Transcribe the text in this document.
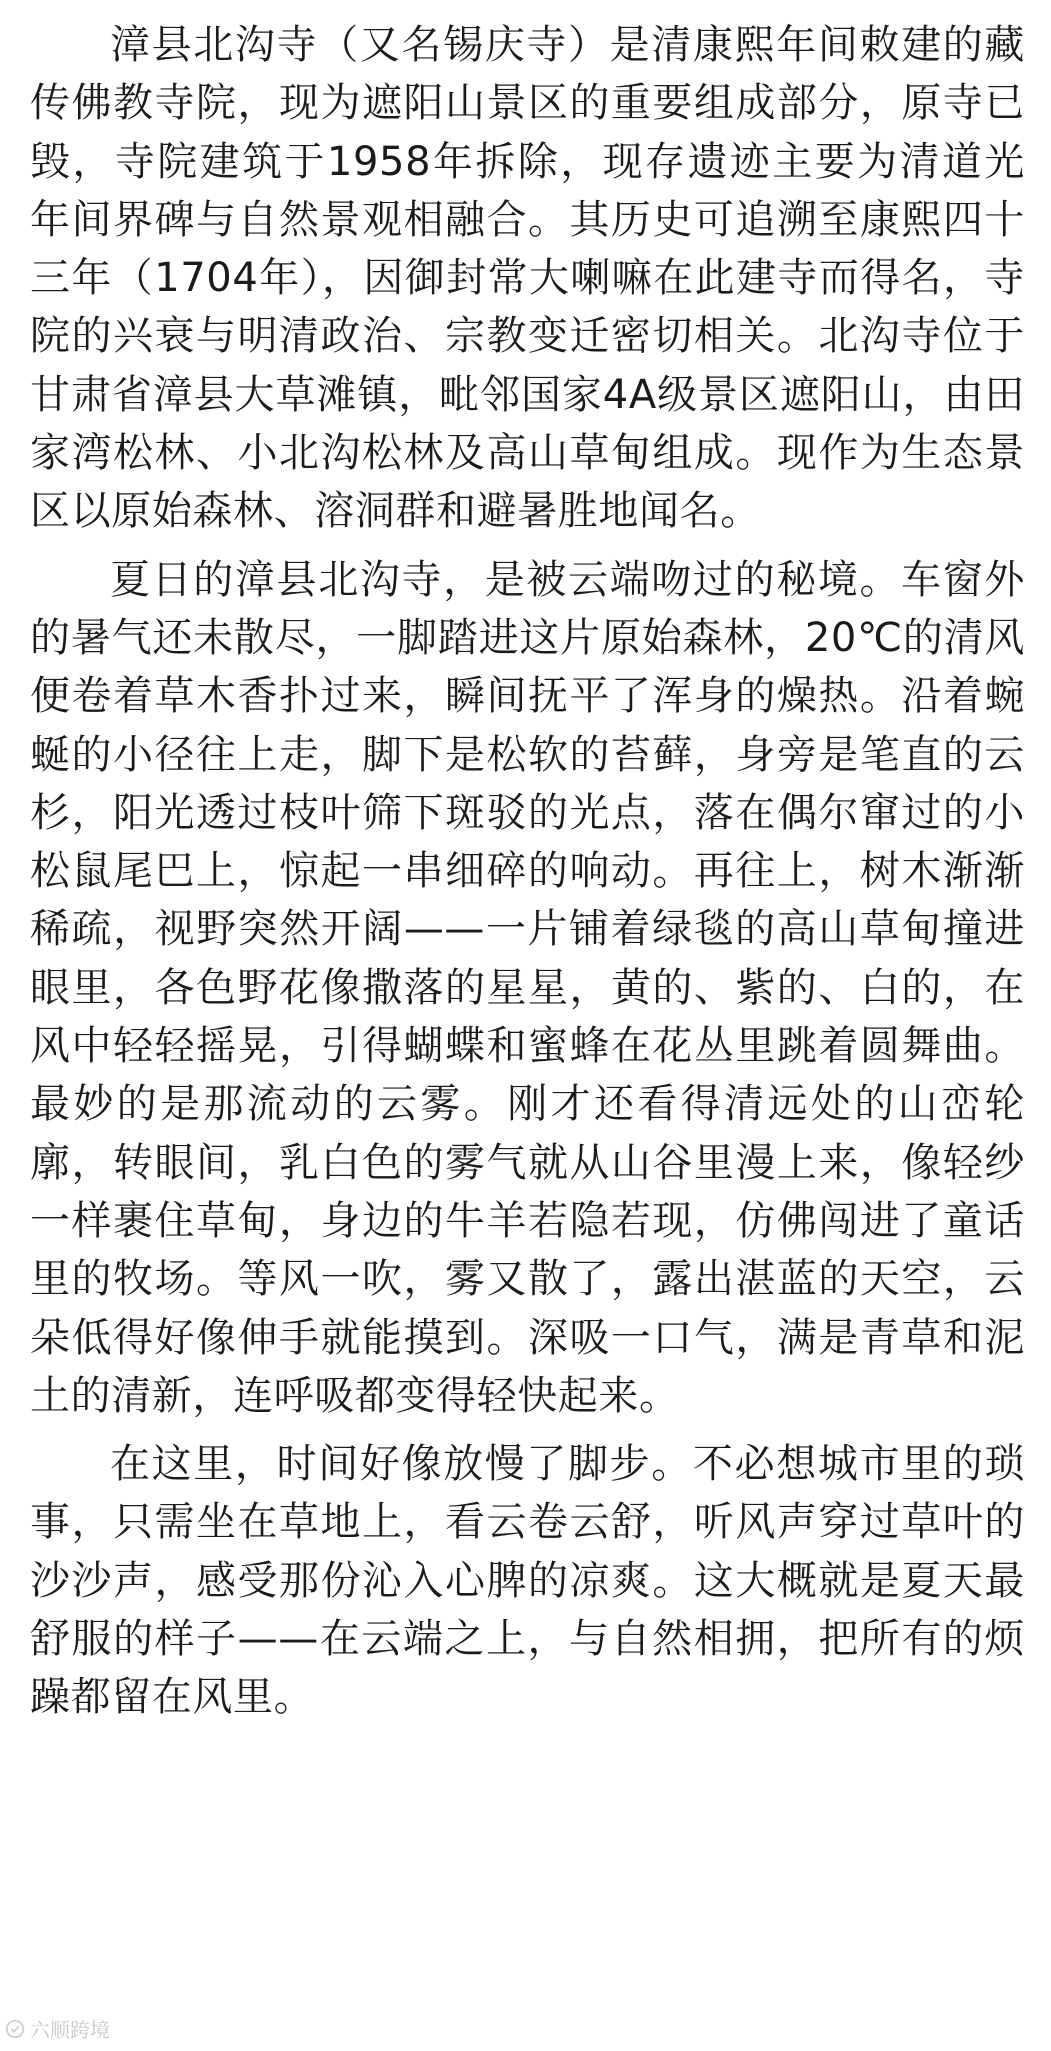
漳县北沟寺（又名锡庆寺）是清康熙年间敕建的藏传佛教寺院，现为遮阳山景区的重要组成部分，原寺已毁，寺院建筑于1958年拆除，现存遗迹主要为清道光年间界碑与自然景观相融合。其历史可追溯至康熙四十三年（1704年），因御封常大喇嘛在此建寺而得名，寺院的兴衰与明清政治、宗教变迁密切相关。北沟寺位于甘肃省漳县大草滩镇，毗邻国家4A级景区遮阳山，由田家湾松林、小北沟松林及高山草甸组成。现作为生态景区以原始森林、溶洞群和避暑胜地闻名。

夏日的漳县北沟寺，是被云端吻过的秘境。车窗外的暑气还未散尽，一脚踏进这片原始森林，20℃的清风便卷着草木香扑过来，瞬间抚平了浑身的燥热。沿着蜿蜒的小径往上走，脚下是松软的苔藓，身旁是笔直的云杉，阳光透过枝叶筛下斑驳的光点，落在偶尔窜过的小松鼠尾巴上，惊起一串细碎的响动。再往上，树木渐渐稀疏，视野突然开阔——一片铺着绿毯的高山草甸撞进眼里，各色野花像撒落的星星，黄的、紫的、白的，在风中轻轻摇晃，引得蝴蝶和蜜蜂在花丛里跳着圆舞曲。最妙的是那流动的云雾。刚才还看得清远处的山峦轮廓，转眼间，乳白色的雾气就从山谷里漫上来，像轻纱一样裹住草甸，身边的牛羊若隐若现，仿佛闯进了童话里的牧场。等风一吹，雾又散了，露出湛蓝的天空，云朵低得好像伸手就能摸到。深吸一口气，满是青草和泥土的清新，连呼吸都变得轻快起来。

在这里，时间好像放慢了脚步。不必想城市里的琐事，只需坐在草地上，看云卷云舒，听风声穿过草叶的沙沙声，感受那份沁入心脾的凉爽。这大概就是夏天最舒服的样子——在云端之上，与自然相拥，把所有的烦躁都留在风里。

六顺跨境
